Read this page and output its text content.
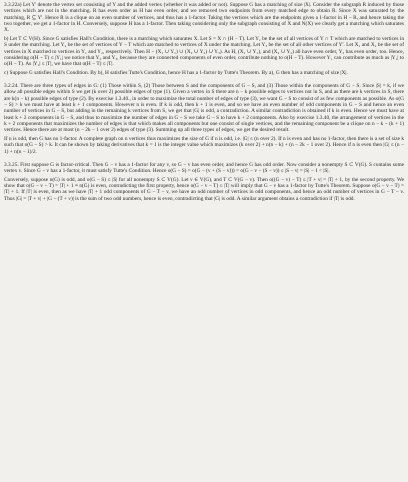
3.3.22a) Let Y' denote the vertex set consisting of Y and the added vertex (whether it was added or not). Suppose G has a matching of size |X|. Consider the subgraph R induced by those vertices which are not in the matching. R has even order as H has even order, and we removed two endpoints from every matched edge to obtain R. Since X was saturated by the matching, R ⊆ Y'. Hence R is a clique on an even number of vertices, and thus has a 1-factor. Taking the vertices which are the endpoints gives a 1-factor in H − R, and hence taking the two together, we get a 1-factor in H. Conversely, suppose H has a 1-factor. Then taking considering only the subgraph consisting of X and N(X) we clearly get a matching which saturates X.

b) Let T ⊂ V(H). Since G satisfies Hall's Condition, there is a matching which saturates X. Let S = X ∩ (H − T). Let Y₁ be the set of all vertices of Y ∩ T which are matched to vertices in S under the matching. Let Y₂ be the set of vertices of Y − T which are matched to vertices of X under the matching. Let Y₃ be the set of all other vertices of Y'. Let X₁ and X₂ be the set of vertices in X matched to vertices in Y₁ and Y₂, respectively. Then H − (X₁ ∪ Y₁) ∪ (X₂ ∪ Y₂) ∪ Y₃). As H, (X₁ ∪ Y₁), and (X₂ ∪ Y₂) all have even order, Y₃ has even order, too. Hence, considering o(H − T) ≤ |Y₁| we notice that Y₂ and Y₃, because they are connected components of even order, contribute nothing to o(H − T). However Y₁ can contribute as much as |Y₁| to o(H − T). As |Y₁| ≤ |T|, we have that o(H − T) ≤ |T|.

c) Suppose G satisfies Hall's Condition. By b), H satisfies Tutte's Condition, hence H has a 1-factor by Tutte's Theorem. By a), G then has a matching of size |X|.

3.2.24. There are three types of edges in G: (1) Those within S, (2) Those between S and the components of G − S, and (3) Those within the components of G − S. Since |S| = k, if we allow all possible edges within S we get (k over 2) possible edges of type (1). Given a vertex in S there are n − k possible edges to vertices not in S, and as there are k vertices in S, there are k(n − k) possible edges of type (2). By exercise 1.3.40., in order to maximize the total number of edges of type (3), we want G − S to consist of as few components as possible. As o(G − S) > k we must have at least k + 1 components. However n is even. If k is odd, then k + 1 is even, and so we have an even number of odd components in G − S and hence an even number of vertices in G − S, but adding in the remaining k vertices from S, we get that |G| is odd, a contradiction. A similar contradiction is obtained if k is even. Hence we must have at least k + 2 components in G − S, and thus to maximize the number of edges in G − S we take G − S to have k + 2 components. Also by exercise 1.3.40, the arrangement of vertices in the k + 2 components that maximizes the number of edges is that which makes all components but one consist of single vertices, and the remaining component be a clique on n − k − (k + 1) vertices. Hence there are at most (n − 2k − 1 over 2) edges of type (3). Summing up all three types of edges, we get the desired result.

If n is odd, then G has no 1-factor. A complete graph on n vertices thus maximizes the size of G if n is odd, i.e. |G| ≤ (n over 2). If n is even and has no 1-factor, then there is a set of size k such that o(G − S) > k. It can be shown by taking derivatives that k = 1 is the integer value which maximizes (k over 2) + n(n − k) + (n − 2k − 1 over 2). Hence if n is even then |G| ≤ (n − 1) + n(n − 1)/2.

3.3.25. First suppose G is factor-critical. Then G − v has a 1-factor for any v, so G − v has even order, and hence G has odd order. Now consider a nonempty S ⊂ V(G). S contains some vertex v. Since G − v has a 1-factor, it must satisfy Tutte's Condition. Hence o(G − S) = o(G − (v + (S − v))) = o(G − v − (S − v)) ≤ |S − v| = |S| − 1 < |S|.

Conversely, suppose n(G) is odd, and o(G − S) ≤ |S| for all nonempty S ⊂ V(G). Let v ∈ V(G), and T ⊂ V(G − v). Then o((G − v) − T) ≤ |T + v| = |T| + 1, by the second property. We show that o(G − v − T) = |T| + 1 ≡ n(G) is even, contradicting the first property, hence o(G − v − T) ≤ |T| will imply that G − v has a 1-factor by Tutte's Theorem. Suppose o(G − v − T) = |T| + 1. If |T| is even, then as we have |T| + 1 odd components of G − T − v, we have an odd number of vertices in odd components, and hence an odd number of vertices in G − T − v. Thus |G| = |T + v| + |G − (T + v)| is the sum of two odd numbers, hence is even, contradicting that |G| is odd. A similar argument obtains a contradiction if |T| is odd.
